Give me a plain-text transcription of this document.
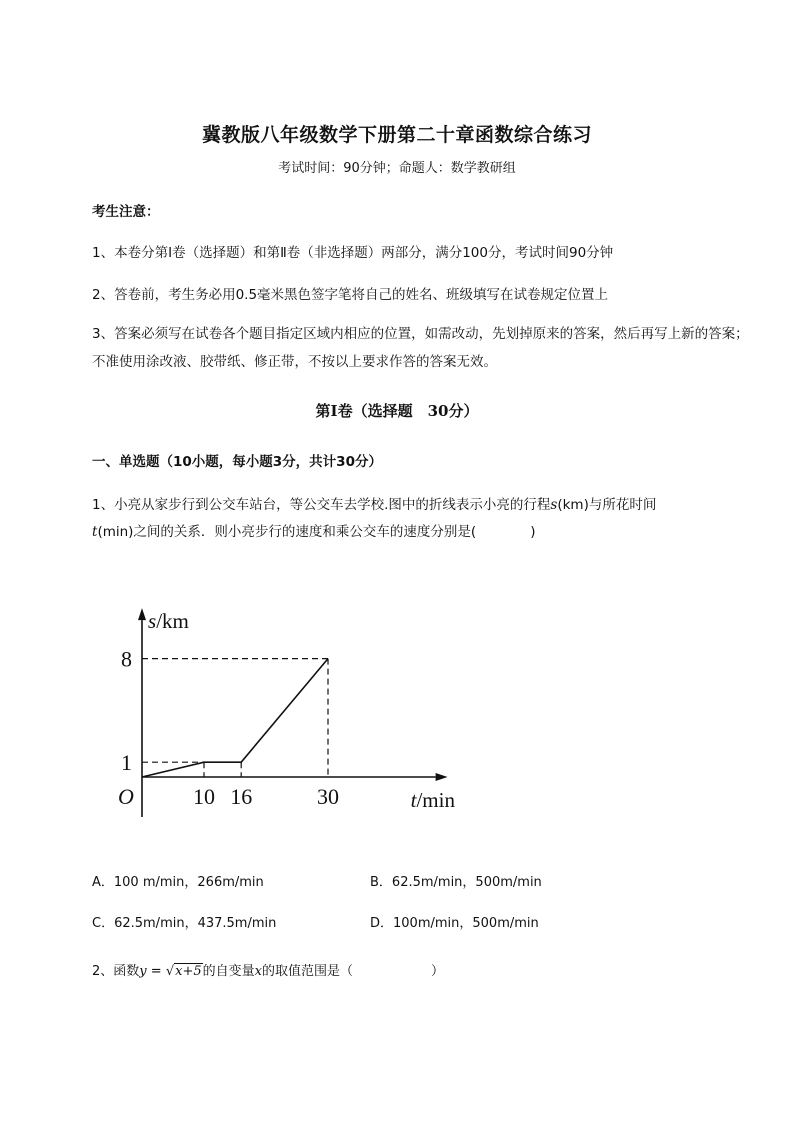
冀教版八年级数学下册第二十章函数综合练习
考试时间：90分钟；命题人：数学教研组
考生注意：
1、本卷分第I卷（选择题）和第Ⅱ卷（非选择题）两部分，满分100分，考试时间90分钟
2、答卷前，考生务必用0.5毫米黑色签字笔将自己的姓名、班级填写在试卷规定位置上
3、答案必须写在试卷各个题目指定区域内相应的位置，如需改动，先划掉原来的答案，然后再写上新的答案；不准使用涂改液、胶带纸、修正带，不按以上要求作答的答案无效。
第I卷（选择题　30分）
一、单选题（10小题，每小题3分，共计30分）
1、小亮从家步行到公交车站台，等公交车去学校.图中的折线表示小亮的行程s(km)与所花时间
t(min)之间的关系．则小亮步行的速度和乘公交车的速度分别是(　　　　)
10 16	30
1
8
O
s/km
t/min
A．100 m/min，266m/min	B．62.5m/min，500m/min
C．62.5m/min，437.5m/min	D．100m/min，500m/min
2、函数y = √x+5的自变量x的取值范围是（　　　　　　）
